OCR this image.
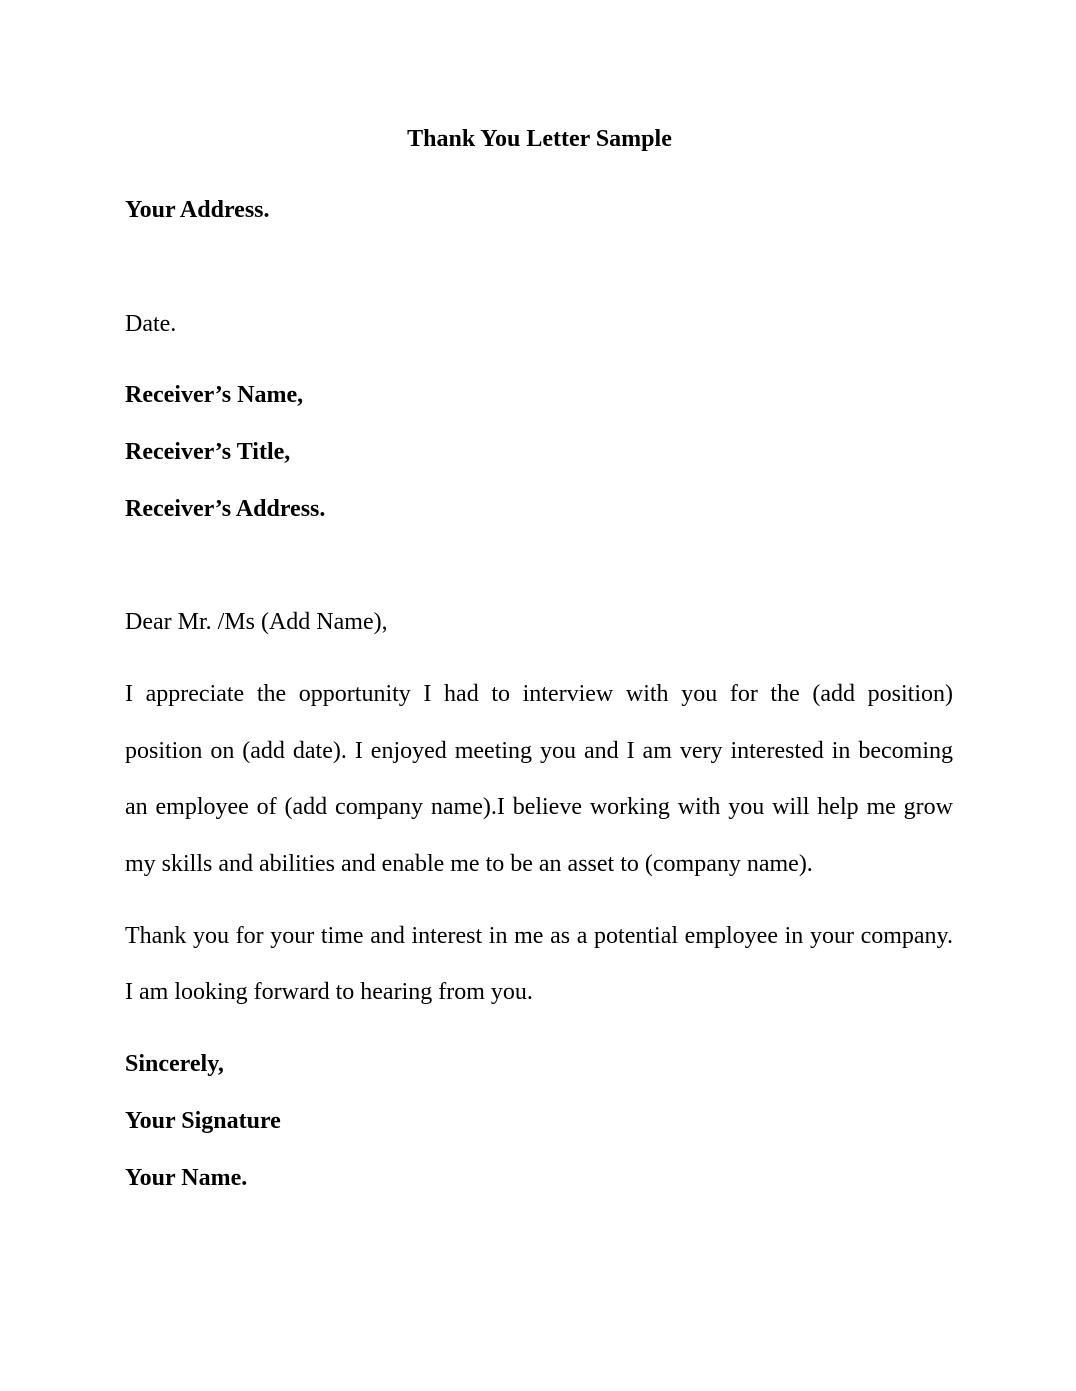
Thank You Letter Sample

Your Address.

Date.

Receiver’s Name,

Receiver’s Title,

Receiver’s Address.

Dear Mr. /Ms (Add Name),

I appreciate the opportunity I had to interview with you for the (add position)

position on (add date). I enjoyed meeting you and I am very interested in becoming

an employee of (add company name).I believe working with you will help me grow

my skills and abilities and enable me to be an asset to (company name).

Thank you for your time and interest in me as a potential employee in your company.

I am looking forward to hearing from you.

Sincerely,

Your Signature

Your Name.
